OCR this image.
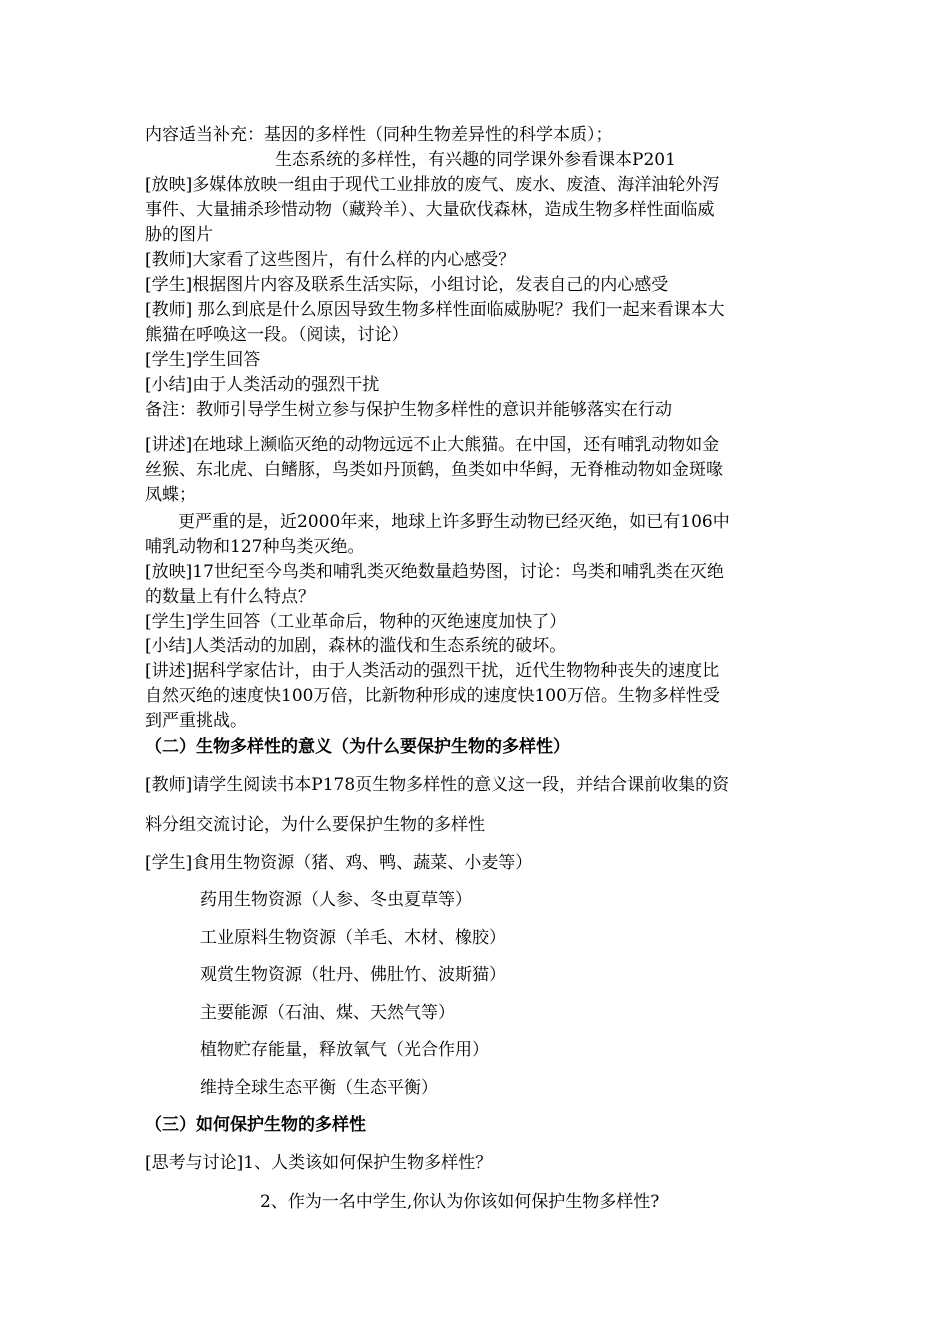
内容适当补充：基因的多样性（同种生物差异性的科学本质）；

生态系统的多样性，有兴趣的同学课外参看课本P201

[放映]多媒体放映一组由于现代工业排放的废气、废水、废渣、海洋油轮外泻

事件、大量捕杀珍惜动物（藏羚羊）、大量砍伐森林，造成生物多样性面临威

胁的图片

[教师]大家看了这些图片，有什么样的内心感受？

[学生]根据图片内容及联系生活实际，小组讨论，发表自己的内心感受

[教师] 那么到底是什么原因导致生物多样性面临威胁呢？我们一起来看课本大

熊猫在呼唤这一段。（阅读，讨论）

[学生]学生回答

[小结]由于人类活动的强烈干扰

备注：教师引导学生树立参与保护生物多样性的意识并能够落实在行动

[讲述]在地球上濒临灭绝的动物远远不止大熊猫。在中国，还有哺乳动物如金

丝猴、东北虎、白鳍豚，鸟类如丹顶鹤，鱼类如中华鲟，无脊椎动物如金斑喙

凤蝶；

更严重的是，近2000年来，地球上许多野生动物已经灭绝，如已有106中

哺乳动物和127种鸟类灭绝。

[放映]17世纪至今鸟类和哺乳类灭绝数量趋势图，讨论：鸟类和哺乳类在灭绝

的数量上有什么特点？

[学生]学生回答（工业革命后，物种的灭绝速度加快了）

[小结]人类活动的加剧，森林的滥伐和生态系统的破坏。

[讲述]据科学家估计，由于人类活动的强烈干扰，近代生物物种丧失的速度比

自然灭绝的速度快100万倍，比新物种形成的速度快100万倍。生物多样性受

到严重挑战。

（二）生物多样性的意义（为什么要保护生物的多样性）

[教师]请学生阅读书本P178页生物多样性的意义这一段，并结合课前收集的资

料分组交流讨论，为什么要保护生物的多样性

[学生]食用生物资源（猪、鸡、鸭、蔬菜、小麦等）

药用生物资源（人参、冬虫夏草等）

工业原料生物资源（羊毛、木材、橡胶）

观赏生物资源（牡丹、佛肚竹、波斯猫）

主要能源（石油、煤、天然气等）

植物贮存能量，释放氧气（光合作用）

维持全球生态平衡（生态平衡）

（三）如何保护生物的多样性

[思考与讨论]1、人类该如何保护生物多样性？

2、作为一名中学生,你认为你该如何保护生物多样性?
